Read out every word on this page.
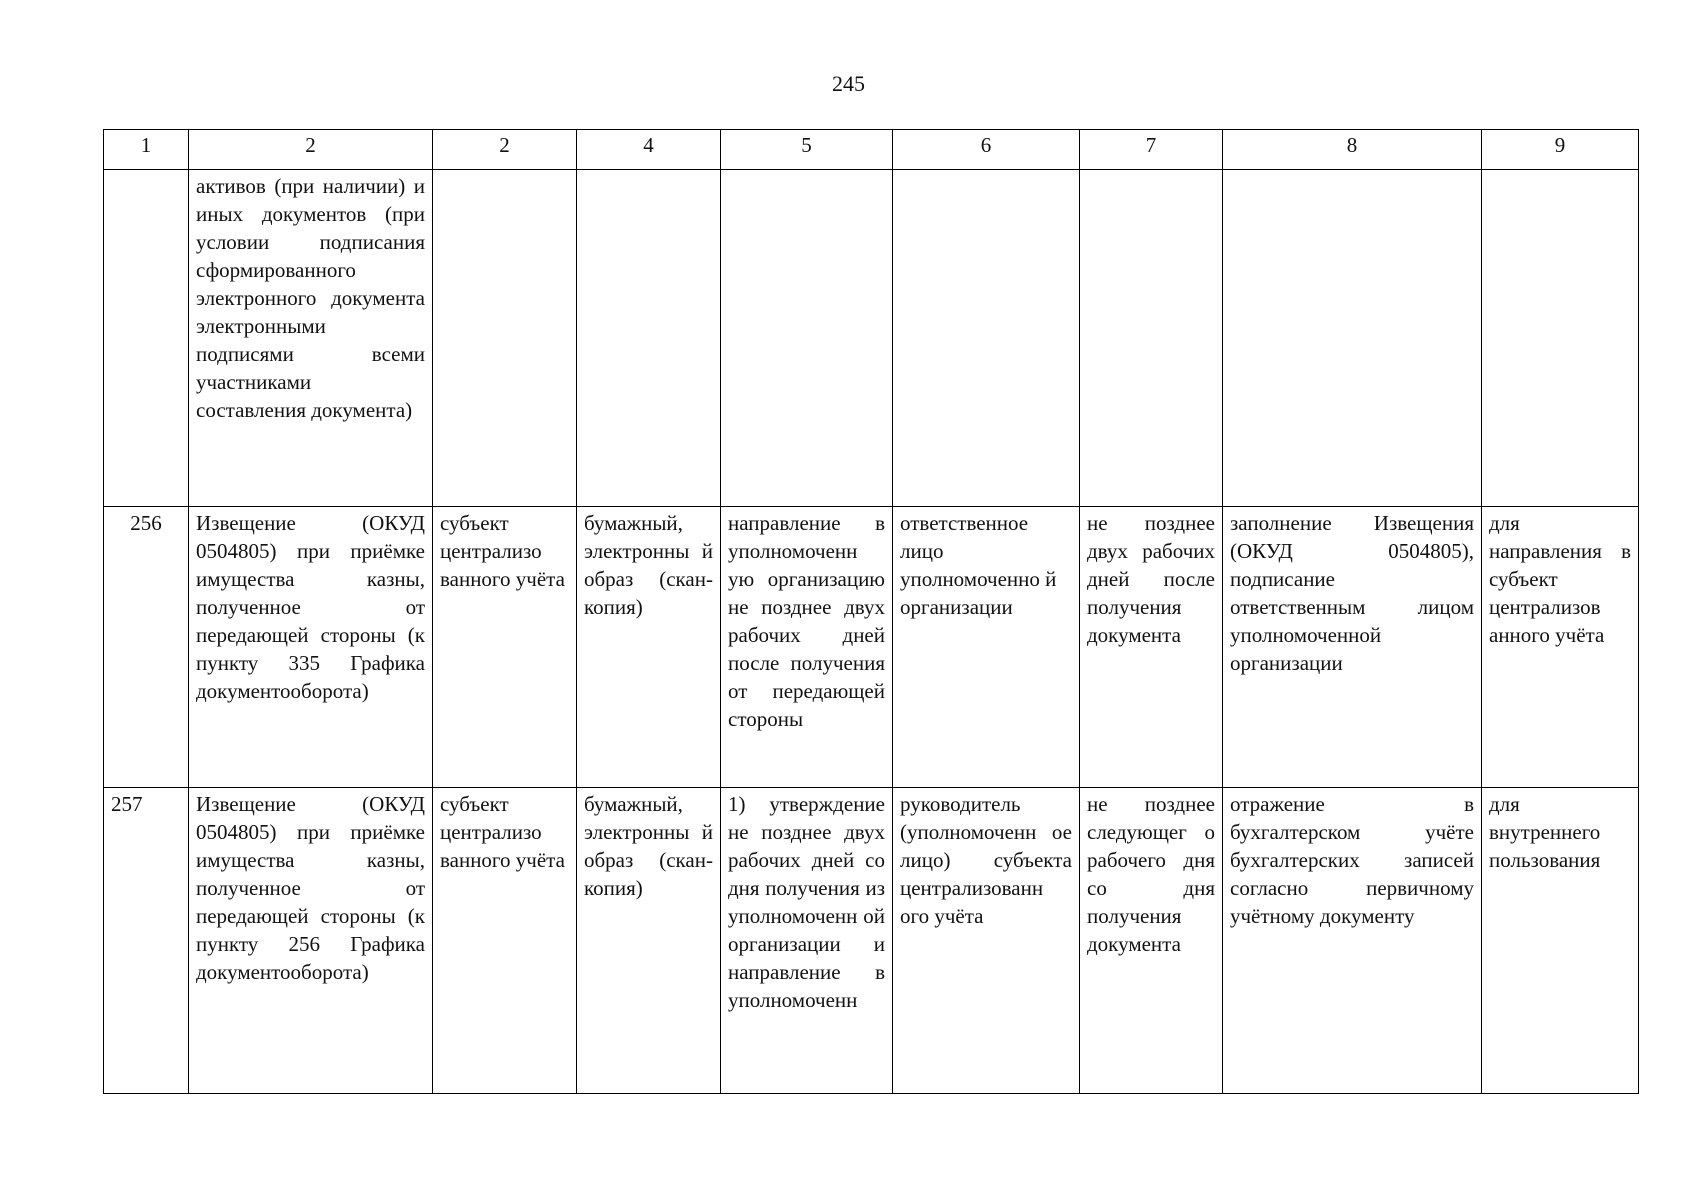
245
1	2	2	4	5	6	7	8	9
	активов (при наличии) и иных документов (при условии подписания сформированного электронного документа электронными подписями всеми участниками составления документа)							
256	Извещение (ОКУД 0504805) при приёмке имущества казны, полученное от передающей стороны (к пункту 335 Графика документооборота)	субъект централизо ванного учёта	бумажный, электронны й образ (скан-копия)	направление в уполномоченн ую организацию не позднее двух рабочих дней после получения от передающей стороны	ответственное лицо уполномоченно й организации	не позднее двух рабочих дней после получения документа	заполнение Извещения (ОКУД 0504805), подписание ответственным лицом уполномоченной организации	для направления в субъект централизов анного учёта
257	Извещение (ОКУД 0504805) при приёмке имущества казны, полученное от передающей стороны (к пункту 256 Графика документооборота)	субъект централизо ванного учёта	бумажный, электронны й образ (скан-копия)	1) утверждение не позднее двух рабочих дней со дня получения из уполномоченн ой организации и направление в уполномоченн	руководитель (уполномоченн ое лицо) субъекта централизованн ого учёта	не позднее следующег о рабочего дня со дня получения документа	отражение в бухгалтерском учёте бухгалтерских записей согласно первичному учётному документу	для внутреннего пользования
